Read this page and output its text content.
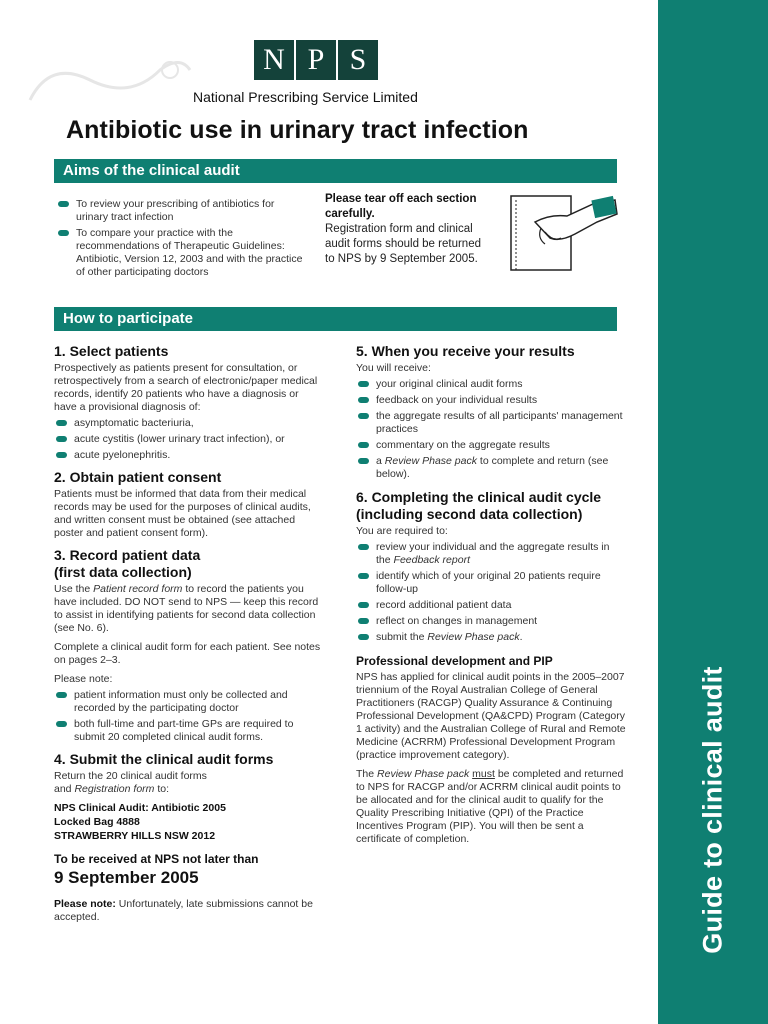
N P S
National Prescribing Service Limited
Antibiotic use in urinary tract infection
Aims of the clinical audit
To review your prescribing of antibiotics for urinary tract infection
To compare your practice with the recommendations of Therapeutic Guidelines: Antibiotic, Version 12, 2003 and with the practice of other participating doctors
Please tear off each section carefully.
Registration form and clinical audit forms should be returned to NPS by 9 September 2005.
How to participate
1. Select patients

Prospectively as patients present for consultation, or retrospectively from a search of electronic/paper medical records, identify 20 patients who have a diagnosis or have a provisional diagnosis of:

asymptomatic bacteriuria,
acute cystitis (lower urinary tract infection), or
acute pyelonephritis.
2. Obtain patient consent

Patients must be informed that data from their medical records may be used for the purposes of clinical audits, and written consent must be obtained (see attached poster and patient consent form).

3. Record patient data
(first data collection)

Use the Patient record form to record the patients you have included. DO NOT send to NPS — keep this record to assist in identifying patients for second data collection (see No. 6).

Complete a clinical audit form for each patient. See notes on pages 2–3.

Please note:

patient information must only be collected and recorded by the participating doctor
both full-time and part-time GPs are required to submit 20 completed clinical audit forms.
4. Submit the clinical audit forms

Return the 20 clinical audit forms
and Registration form to:

NPS Clinical Audit: Antibiotic 2005
Locked Bag 4888
STRAWBERRY HILLS NSW 2012

To be received at NPS not later than

9 September 2005

Please note: Unfortunately, late submissions cannot be accepted.

5. When you receive your results

You will receive:

your original clinical audit forms
feedback on your individual results
the aggregate results of all participants' management practices
commentary on the aggregate results
a Review Phase pack to complete and return (see below).
6. Completing the clinical audit cycle
(including second data collection)

You are required to:

review your individual and the aggregate results in the Feedback report
identify which of your original 20 patients require follow-up
record additional patient data
reflect on changes in management
submit the Review Phase pack.
Professional development and PIP

NPS has applied for clinical audit points in the 2005–2007 triennium of the Royal Australian College of General Practitioners (RACGP) Quality Assurance & Continuing Professional Development (QA&CPD) Program (Category 1 activity) and the Australian College of Rural and Remote Medicine (ACRRM) Professional Development Program (practice improvement category).

The Review Phase pack must be completed and returned to NPS for RACGP and/or ACRRM clinical audit points to be allocated and for the clinical audit to qualify for the Quality Prescribing Initiative (QPI) of the Practice Incentives Program (PIP). You will then be sent a certificate of completion.	Guide to clinical audit
